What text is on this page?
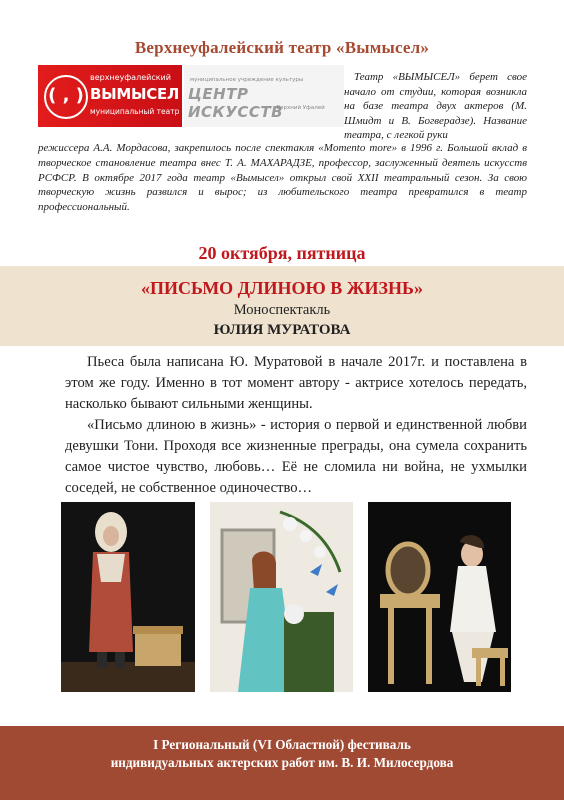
Верхнеуфалейский театр «Вымысел»
( , )
верхнеуфалейский
ВЫМЫСЕЛ
муниципальный театр
муниципальное учреждение культуры
ЦЕНТР ИСКУССТВ
г. Верхний Уфалей
Театр «ВЫМЫСЕЛ» берет свое начало от студии, которая возникла на базе театра двух актеров (М. Шмидт и В. Богверадзе). Название театра, с легкой руки
режиссера А.А. Мордасова, закрепилось после спектакля «Momento more» в 1996 г. Большой вклад в творческое становление театра внес Т. А. МАХАРАДЗЕ, профессор, заслуженный деятель искусств РСФСР. В октябре 2017 года театр «Вымысел» открыл свой XXII театральный сезон. За свою творческую жизнь развился и вырос; из любительского театра превратился в театр профессиональный.
20 октября, пятница
«ПИСЬМО ДЛИНОЮ В ЖИЗНЬ»
Моноспектакль
ЮЛИЯ МУРАТОВА

Пьеса была написана Ю. Муратовой в начале 2017г. и поставлена в этом же году. Именно в тот момент автору - актрисе хотелось передать, насколько бывают сильными женщины.

«Письмо длиною в жизнь» - история о первой и единственной любви девушки Тони. Проходя все жизненные преграды, она сумела сохранить самое чистое чувство, любовь… Её не сломила ни война, не ухмылки соседей, не собственное одиночество…

I Региональный (VI Областной) фестиваль
индивидуальных актерских работ им. В. И. Милосердова
